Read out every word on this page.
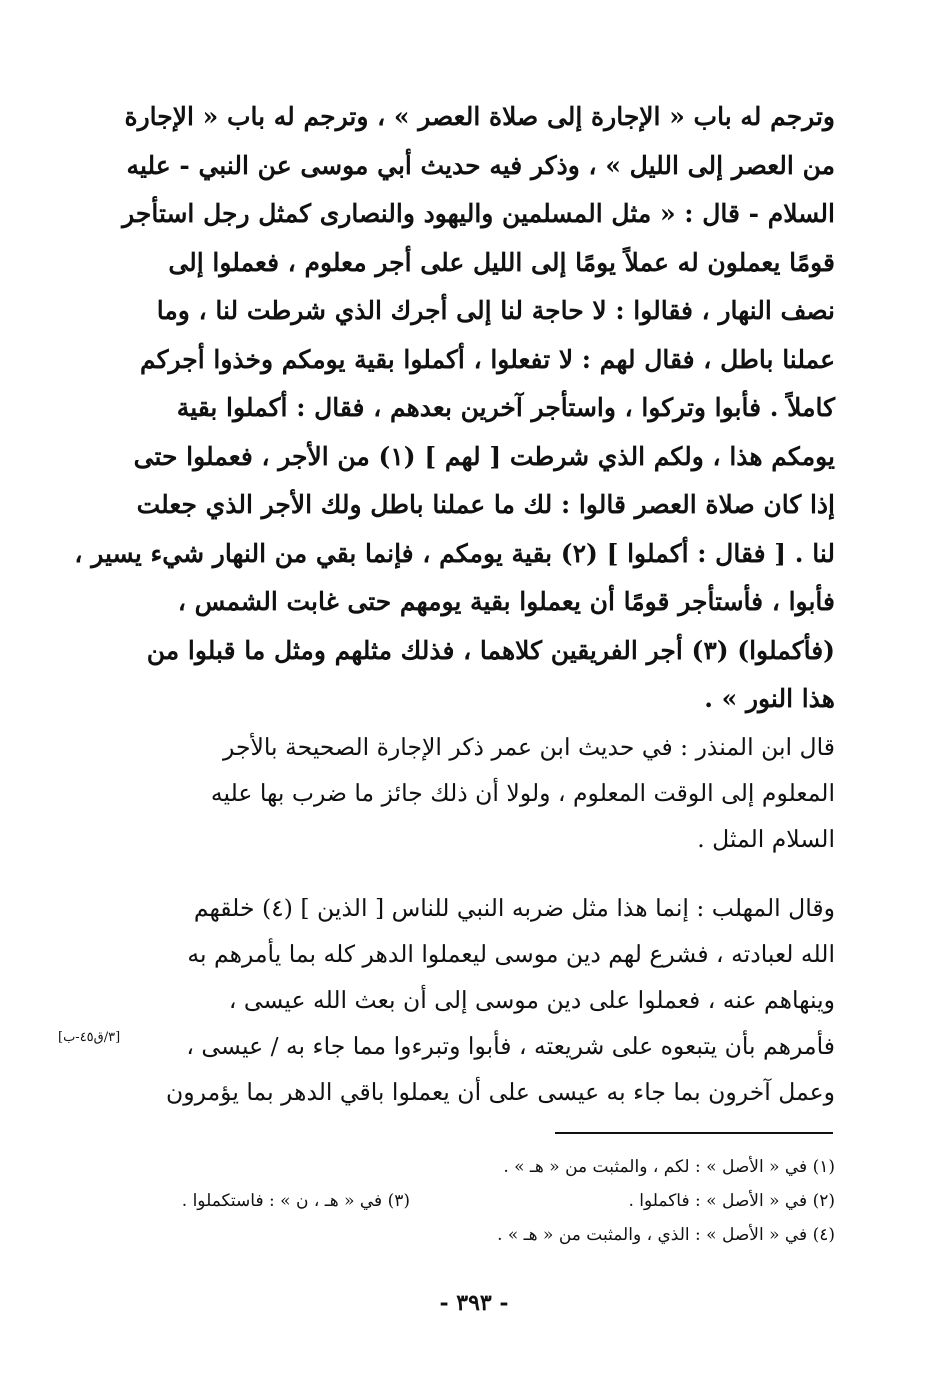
وترجم له باب « الإجارة إلى صلاة العصر » ، وترجم له باب « الإجارة
من العصر إلى الليل » ، وذكر فيه حديث أبي موسى عن النبي - عليه
السلام - قال : « مثل المسلمين واليهود والنصارى كمثل رجل استأجر
قومًا يعملون له عملاً يومًا إلى الليل على أجر معلوم ، فعملوا إلى
نصف النهار ، فقالوا : لا حاجة لنا إلى أجرك الذي شرطت لنا ، وما
عملنا باطل ، فقال لهم : لا تفعلوا ، أكملوا بقية يومكم وخذوا أجركم
كاملاً . فأبوا وتركوا ، واستأجر آخرين بعدهم ، فقال : أكملوا بقية
يومكم هذا ، ولكم الذي شرطت [ لهم ] (١) من الأجر ، فعملوا حتى
إذا كان صلاة العصر قالوا : لك ما عملنا باطل ولك الأجر الذي جعلت
لنا . [ فقال : أكملوا ] (٢) بقية يومكم ، فإنما بقي من النهار شيء يسير ،
فأبوا ، فأستأجر قومًا أن يعملوا بقية يومهم حتى غابت الشمس ،
(فأكملوا) (٣) أجر الفريقين كلاهما ، فذلك مثلهم ومثل ما قبلوا من
هذا النور » .
قال ابن المنذر : في حديث ابن عمر ذكر الإجارة الصحيحة بالأجر
المعلوم إلى الوقت المعلوم ، ولولا أن ذلك جائز ما ضرب بها عليه
السلام المثل .
وقال المهلب : إنما هذا مثل ضربه النبي للناس [ الذين ] (٤) خلقهم
الله لعبادته ، فشرع لهم دين موسى ليعملوا الدهر كله بما يأمرهم به
وينهاهم عنه ، فعملوا على دين موسى إلى أن بعث الله عيسى ،
فأمرهم بأن يتبعوه على شريعته ، فأبوا وتبرءوا مما جاء به / عيسى ،
وعمل آخرون بما جاء به عيسى على أن يعملوا باقي الدهر بما يؤمرون
[٣/ق٤٥-ب]
(١) في « الأصل » : لكم ، والمثبت من « هـ » .
(٢) في « الأصل » : فاكملوا .
(٣) في « هـ ، ن » : فاستكملوا .
(٤) في « الأصل » : الذي ، والمثبت من « هـ » .
- ٣٩٣ -
